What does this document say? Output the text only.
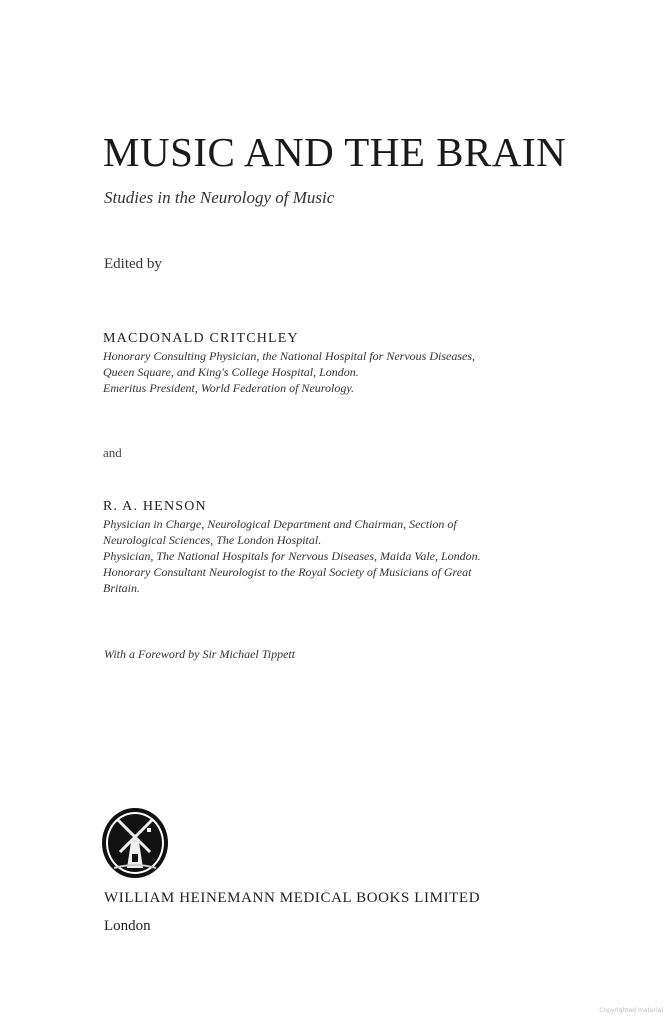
MUSIC AND THE BRAIN
Studies in the Neurology of Music
Edited by
MACDONALD CRITCHLEY
Honorary Consulting Physician, the National Hospital for Nervous Diseases,
Queen Square, and King's College Hospital, London.
Emeritus President, World Federation of Neurology.
and
R. A. HENSON
Physician in Charge, Neurological Department and Chairman, Section of
Neurological Sciences, The London Hospital.
Physician, The National Hospitals for Nervous Diseases, Maida Vale, London.
Honorary Consultant Neurologist to the Royal Society of Musicians of Great
Britain.
With a Foreword by Sir Michael Tippett
WILLIAM HEINEMANN MEDICAL BOOKS LIMITED
London
Copyrighted material
